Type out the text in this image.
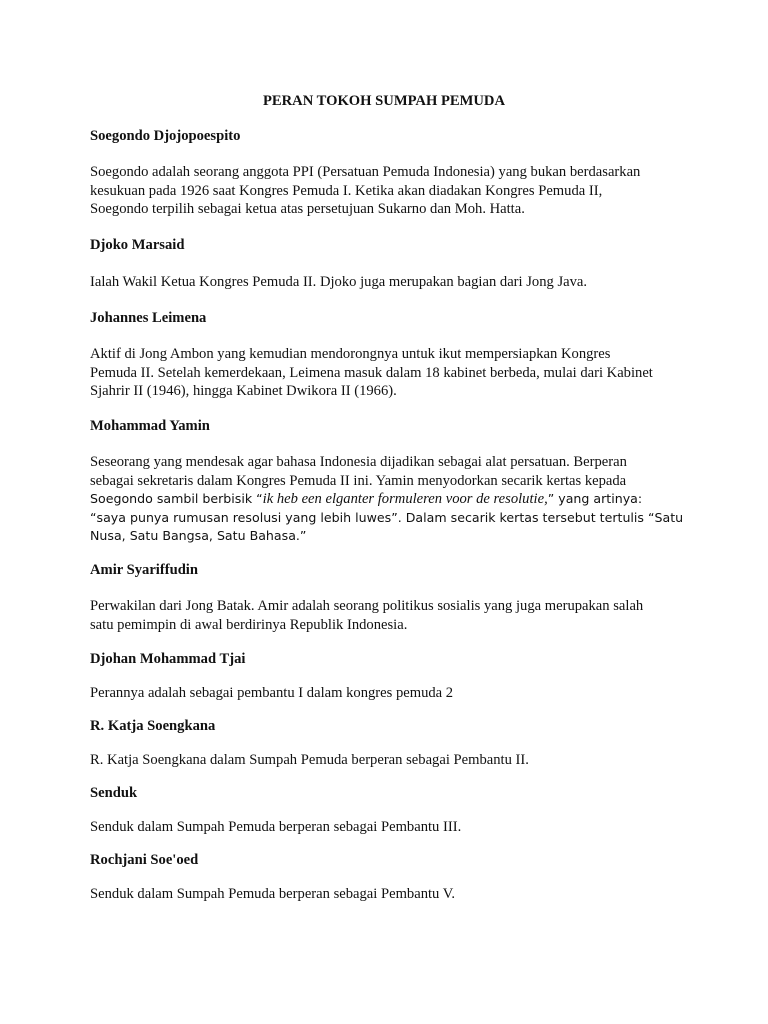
PERAN TOKOH SUMPAH PEMUDA
Soegondo Djojopoespito
Soegondo adalah seorang anggota PPI (Persatuan Pemuda Indonesia) yang bukan berdasarkan
kesukuan pada 1926 saat Kongres Pemuda I. Ketika akan diadakan Kongres Pemuda II,
Soegondo terpilih sebagai ketua atas persetujuan Sukarno dan Moh. Hatta.
Djoko Marsaid
Ialah Wakil Ketua Kongres Pemuda II. Djoko juga merupakan bagian dari Jong Java.
Johannes Leimena
Aktif di Jong Ambon yang kemudian mendorongnya untuk ikut mempersiapkan Kongres
Pemuda II. Setelah kemerdekaan, Leimena masuk dalam 18 kabinet berbeda, mulai dari Kabinet
Sjahrir II (1946), hingga Kabinet Dwikora II (1966).
Mohammad Yamin
Seseorang yang mendesak agar bahasa Indonesia dijadikan sebagai alat persatuan. Berperan
sebagai sekretaris dalam Kongres Pemuda II ini. Yamin menyodorkan secarik kertas kepada
Soegondo sambil berbisik “ik heb een elganter formuleren voor de resolutie,” yang artinya:
“saya punya rumusan resolusi yang lebih luwes”. Dalam secarik kertas tersebut tertulis “Satu
Nusa, Satu Bangsa, Satu Bahasa.”
Amir Syariffudin
Perwakilan dari Jong Batak. Amir adalah seorang politikus sosialis yang juga merupakan salah
satu pemimpin di awal berdirinya Republik Indonesia.
Djohan Mohammad Tjai
Perannya adalah sebagai pembantu I dalam kongres pemuda 2
R. Katja Soengkana
R. Katja Soengkana dalam Sumpah Pemuda berperan sebagai Pembantu II.
Senduk
Senduk dalam Sumpah Pemuda berperan sebagai Pembantu III.
Rochjani Soe'oed
Senduk dalam Sumpah Pemuda berperan sebagai Pembantu V.
